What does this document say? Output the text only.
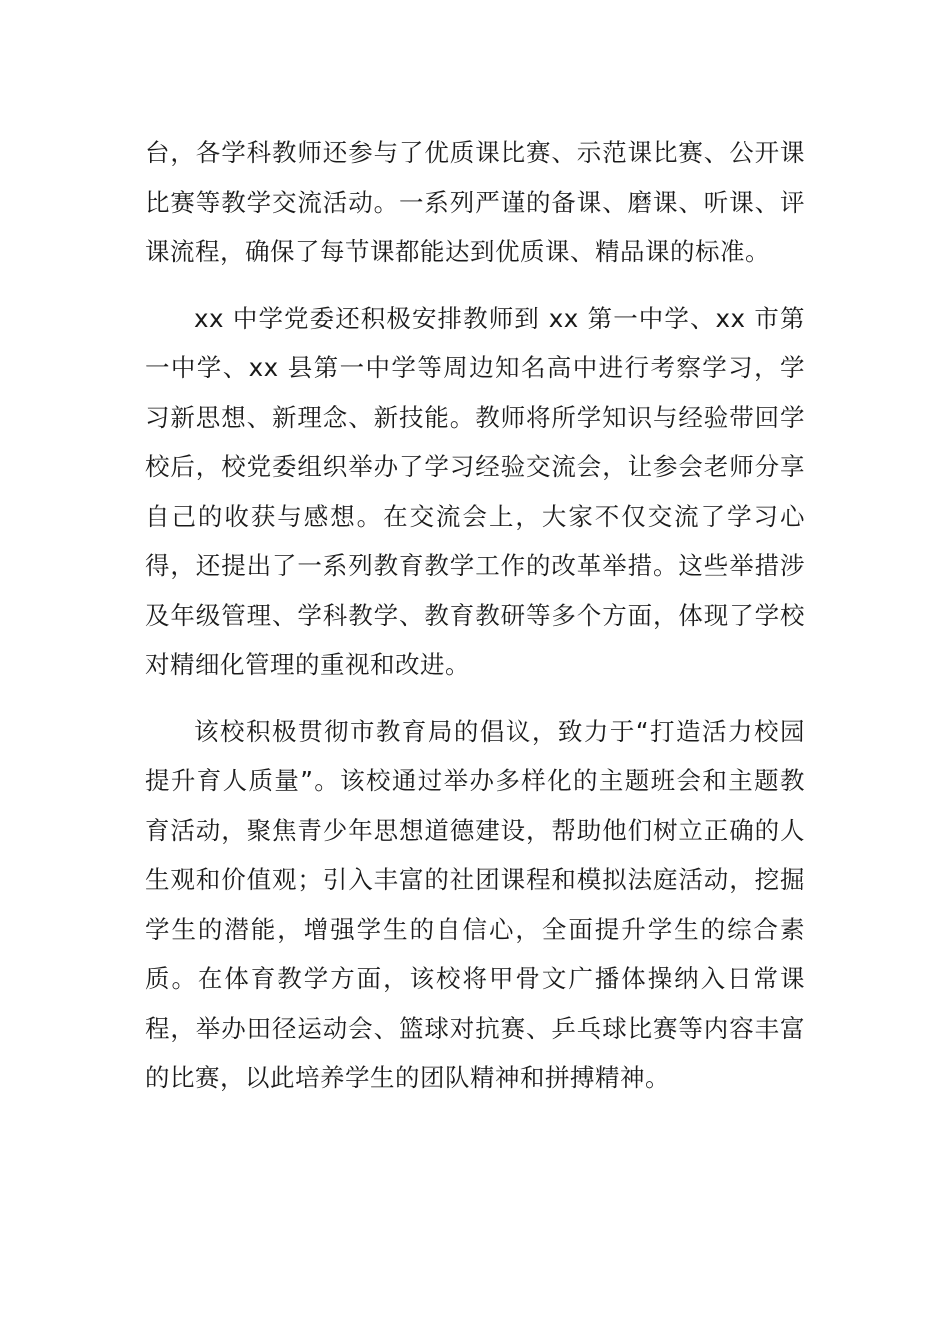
台，各学科教师还参与了优质课比赛、示范课比赛、公开课比赛等教学交流活动。一系列严谨的备课、磨课、听课、评课流程，确保了每节课都能达到优质课、精品课的标准。

xx 中学党委还积极安排教师到 xx 第一中学、xx 市第一中学、xx 县第一中学等周边知名高中进行考察学习，学习新思想、新理念、新技能。教师将所学知识与经验带回学校后，校党委组织举办了学习经验交流会，让参会老师分享自己的收获与感想。在交流会上，大家不仅交流了学习心得，还提出了一系列教育教学工作的改革举措。这些举措涉及年级管理、学科教学、教育教研等多个方面，体现了学校对精细化管理的重视和改进。

该校积极贯彻市教育局的倡议，致力于“打造活力校园提升育人质量”。该校通过举办多样化的主题班会和主题教育活动，聚焦青少年思想道德建设，帮助他们树立正确的人生观和价值观；引入丰富的社团课程和模拟法庭活动，挖掘学生的潜能，增强学生的自信心，全面提升学生的综合素质。在体育教学方面，该校将甲骨文广播体操纳入日常课程，举办田径运动会、篮球对抗赛、乒乓球比赛等内容丰富的比赛，以此培养学生的团队精神和拼搏精神。
